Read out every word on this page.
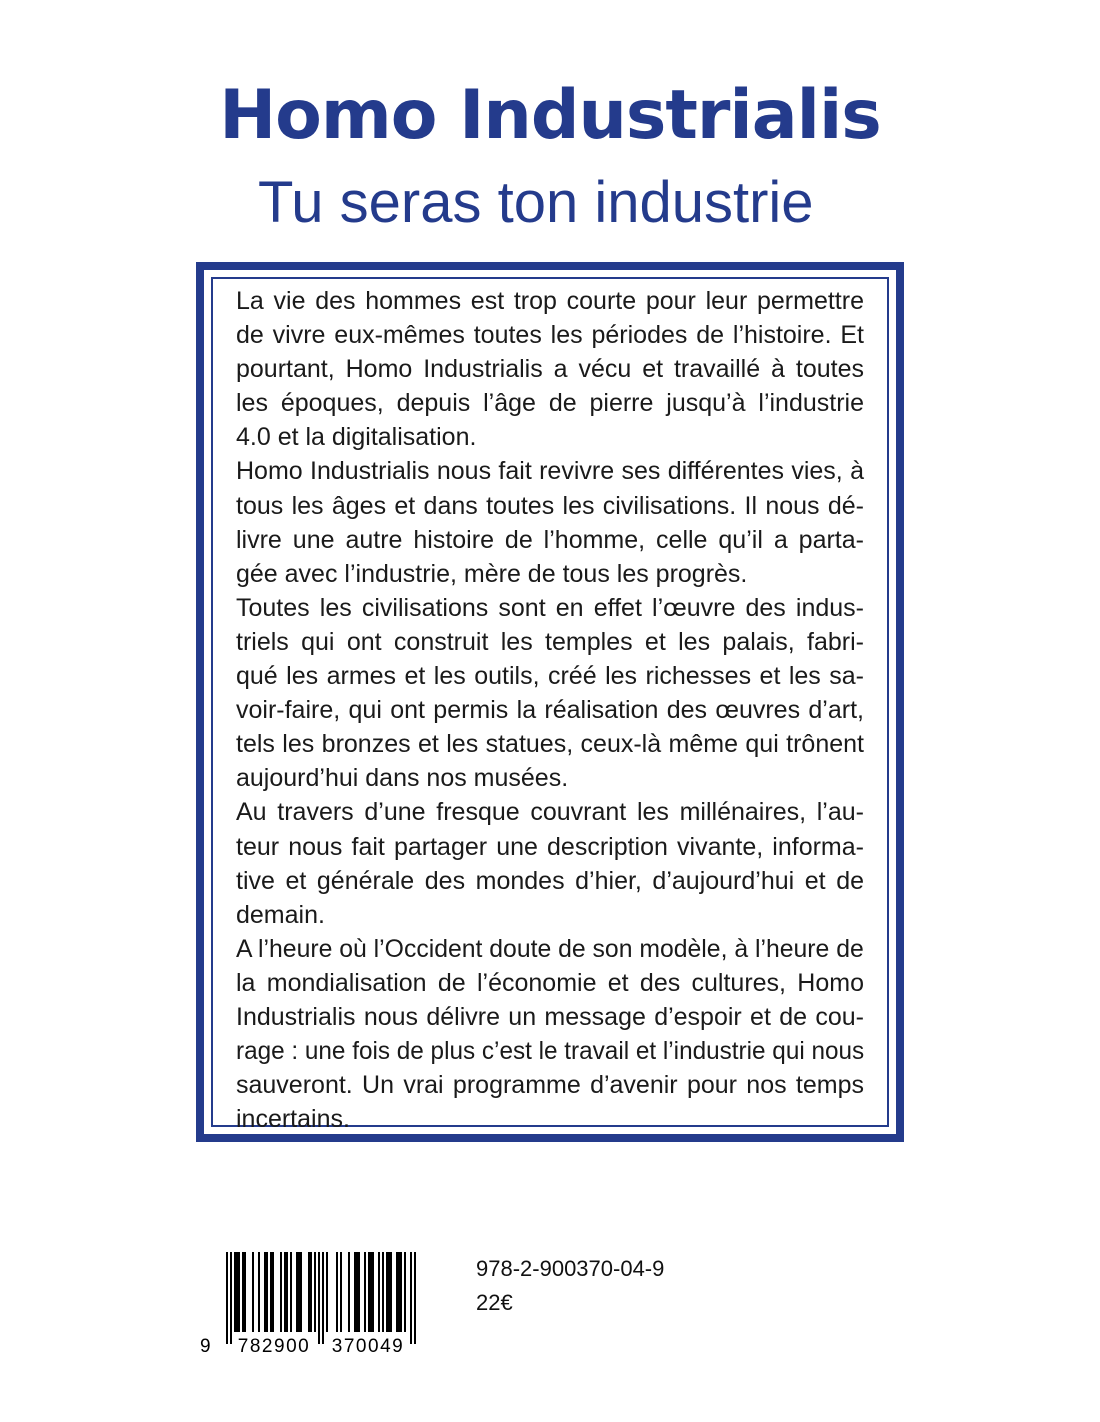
Homo Industrialis
Tu seras ton industrie
La vie des hommes est trop courte pour leur permettre
de vivre eux-mêmes toutes les périodes de l’histoire. Et
pourtant, Homo Industrialis a vécu et travaillé à toutes
les époques, depuis l’âge de pierre jusqu’à l’industrie
4.0 et la digitalisation.
Homo Industrialis nous fait revivre ses différentes vies, à
tous les âges et dans toutes les civilisations. Il nous dé-
livre une autre histoire de l’homme, celle qu’il a parta-
gée avec l’industrie, mère de tous les progrès.
Toutes les civilisations sont en effet l’œuvre des indus-
triels qui ont construit les temples et les palais, fabri-
qué les armes et les outils, créé les richesses et les sa-
voir-faire, qui ont permis la réalisation des œuvres d’art,
tels les bronzes et les statues, ceux-là même qui trônent
aujourd’hui dans nos musées.
Au travers d’une fresque couvrant les millénaires, l’au-
teur nous fait partager une description vivante, informa-
tive et générale des mondes d’hier, d’aujourd’hui et de
demain.
A l’heure où l’Occident doute de son modèle, à l’heure de
la mondialisation de l’économie et des cultures, Homo
Industrialis nous délivre un message d’espoir et de cou-
rage : une fois de plus c’est le travail et l’industrie qui nous
sauveront. Un vrai programme d’avenir pour nos temps
incertains.
9 782900 370049
978-2-900370-04-9
22€
